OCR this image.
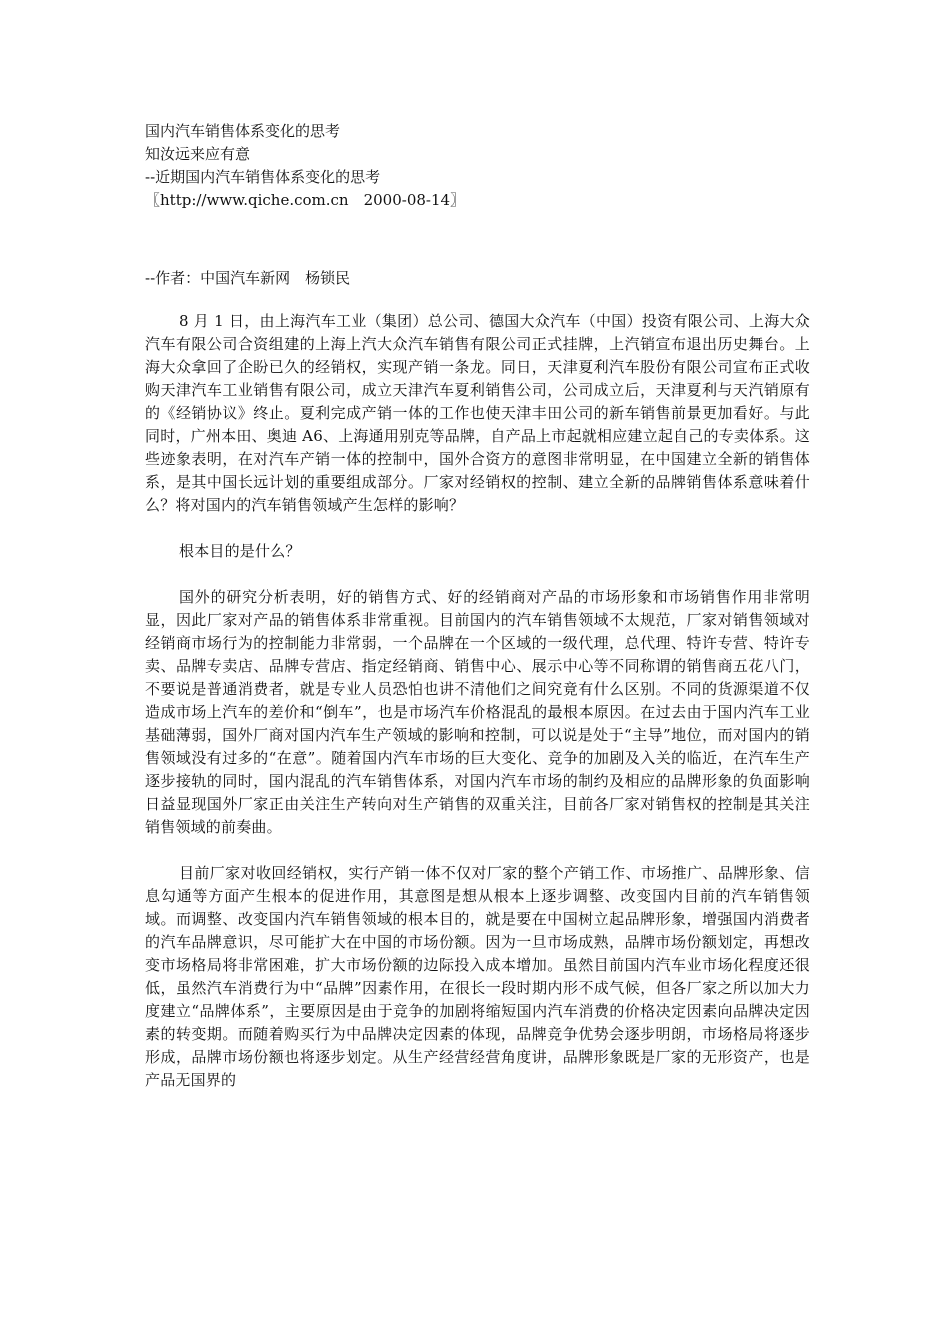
国内汽车销售体系变化的思考

知汝远来应有意

--近期国内汽车销售体系变化的思考

〖http://www.qiche.com.cn　2000-08-14〗

--作者：中国汽车新网　杨锁民

8 月 1 日，由上海汽车工业（集团）总公司、德国大众汽车（中国）投资有限公司、上海大众汽车有限公司合资组建的上海上汽大众汽车销售有限公司正式挂牌，上汽销宣布退出历史舞台。上海大众拿回了企盼已久的经销权，实现产销一条龙。同日，天津夏利汽车股份有限公司宣布正式收购天津汽车工业销售有限公司，成立天津汽车夏利销售公司，公司成立后，天津夏利与天汽销原有的《经销协议》终止。夏利完成产销一体的工作也使天津丰田公司的新车销售前景更加看好。与此同时，广州本田、奥迪 A6、上海通用别克等品牌，自产品上市起就相应建立起自己的专卖体系。这些迹象表明，在对汽车产销一体的控制中，国外合资方的意图非常明显，在中国建立全新的销售体系，是其中国长远计划的重要组成部分。厂家对经销权的控制、建立全新的品牌销售体系意味着什么？将对国内的汽车销售领域产生怎样的影响？

根本目的是什么？

国外的研究分析表明，好的销售方式、好的经销商对产品的市场形象和市场销售作用非常明显，因此厂家对产品的销售体系非常重视。目前国内的汽车销售领域不太规范，厂家对销售领域对经销商市场行为的控制能力非常弱，一个品牌在一个区域的一级代理，总代理、特许专营、特许专卖、品牌专卖店、品牌专营店、指定经销商、销售中心、展示中心等不同称谓的销售商五花八门，不要说是普通消费者，就是专业人员恐怕也讲不清他们之间究竟有什么区别。不同的货源渠道不仅造成市场上汽车的差价和“倒车”，也是市场汽车价格混乱的最根本原因。在过去由于国内汽车工业基础薄弱，国外厂商对国内汽车生产领域的影响和控制，可以说是处于“主导”地位，而对国内的销售领域没有过多的“在意”。随着国内汽车市场的巨大变化、竞争的加剧及入关的临近，在汽车生产逐步接轨的同时，国内混乱的汽车销售体系，对国内汽车市场的制约及相应的品牌形象的负面影响日益显现国外厂家正由关注生产转向对生产销售的双重关注，目前各厂家对销售权的控制是其关注销售领域的前奏曲。

目前厂家对收回经销权，实行产销一体不仅对厂家的整个产销工作、市场推广、品牌形象、信息勾通等方面产生根本的促进作用，其意图是想从根本上逐步调整、改变国内目前的汽车销售领域。而调整、改变国内汽车销售领域的根本目的，就是要在中国树立起品牌形象，增强国内消费者的汽车品牌意识，尽可能扩大在中国的市场份额。因为一旦市场成熟，品牌市场份额划定，再想改变市场格局将非常困难，扩大市场份额的边际投入成本增加。虽然目前国内汽车业市场化程度还很低，虽然汽车消费行为中“品牌”因素作用，在很长一段时期内形不成气候，但各厂家之所以加大力度建立“品牌体系”，主要原因是由于竞争的加剧将缩短国内汽车消费的价格决定因素向品牌决定因素的转变期。而随着购买行为中品牌决定因素的体现，品牌竞争优势会逐步明朗，市场格局将逐步形成，品牌市场份额也将逐步划定。从生产经营经营角度讲，品牌形象既是厂家的无形资产，也是产品无国界的
